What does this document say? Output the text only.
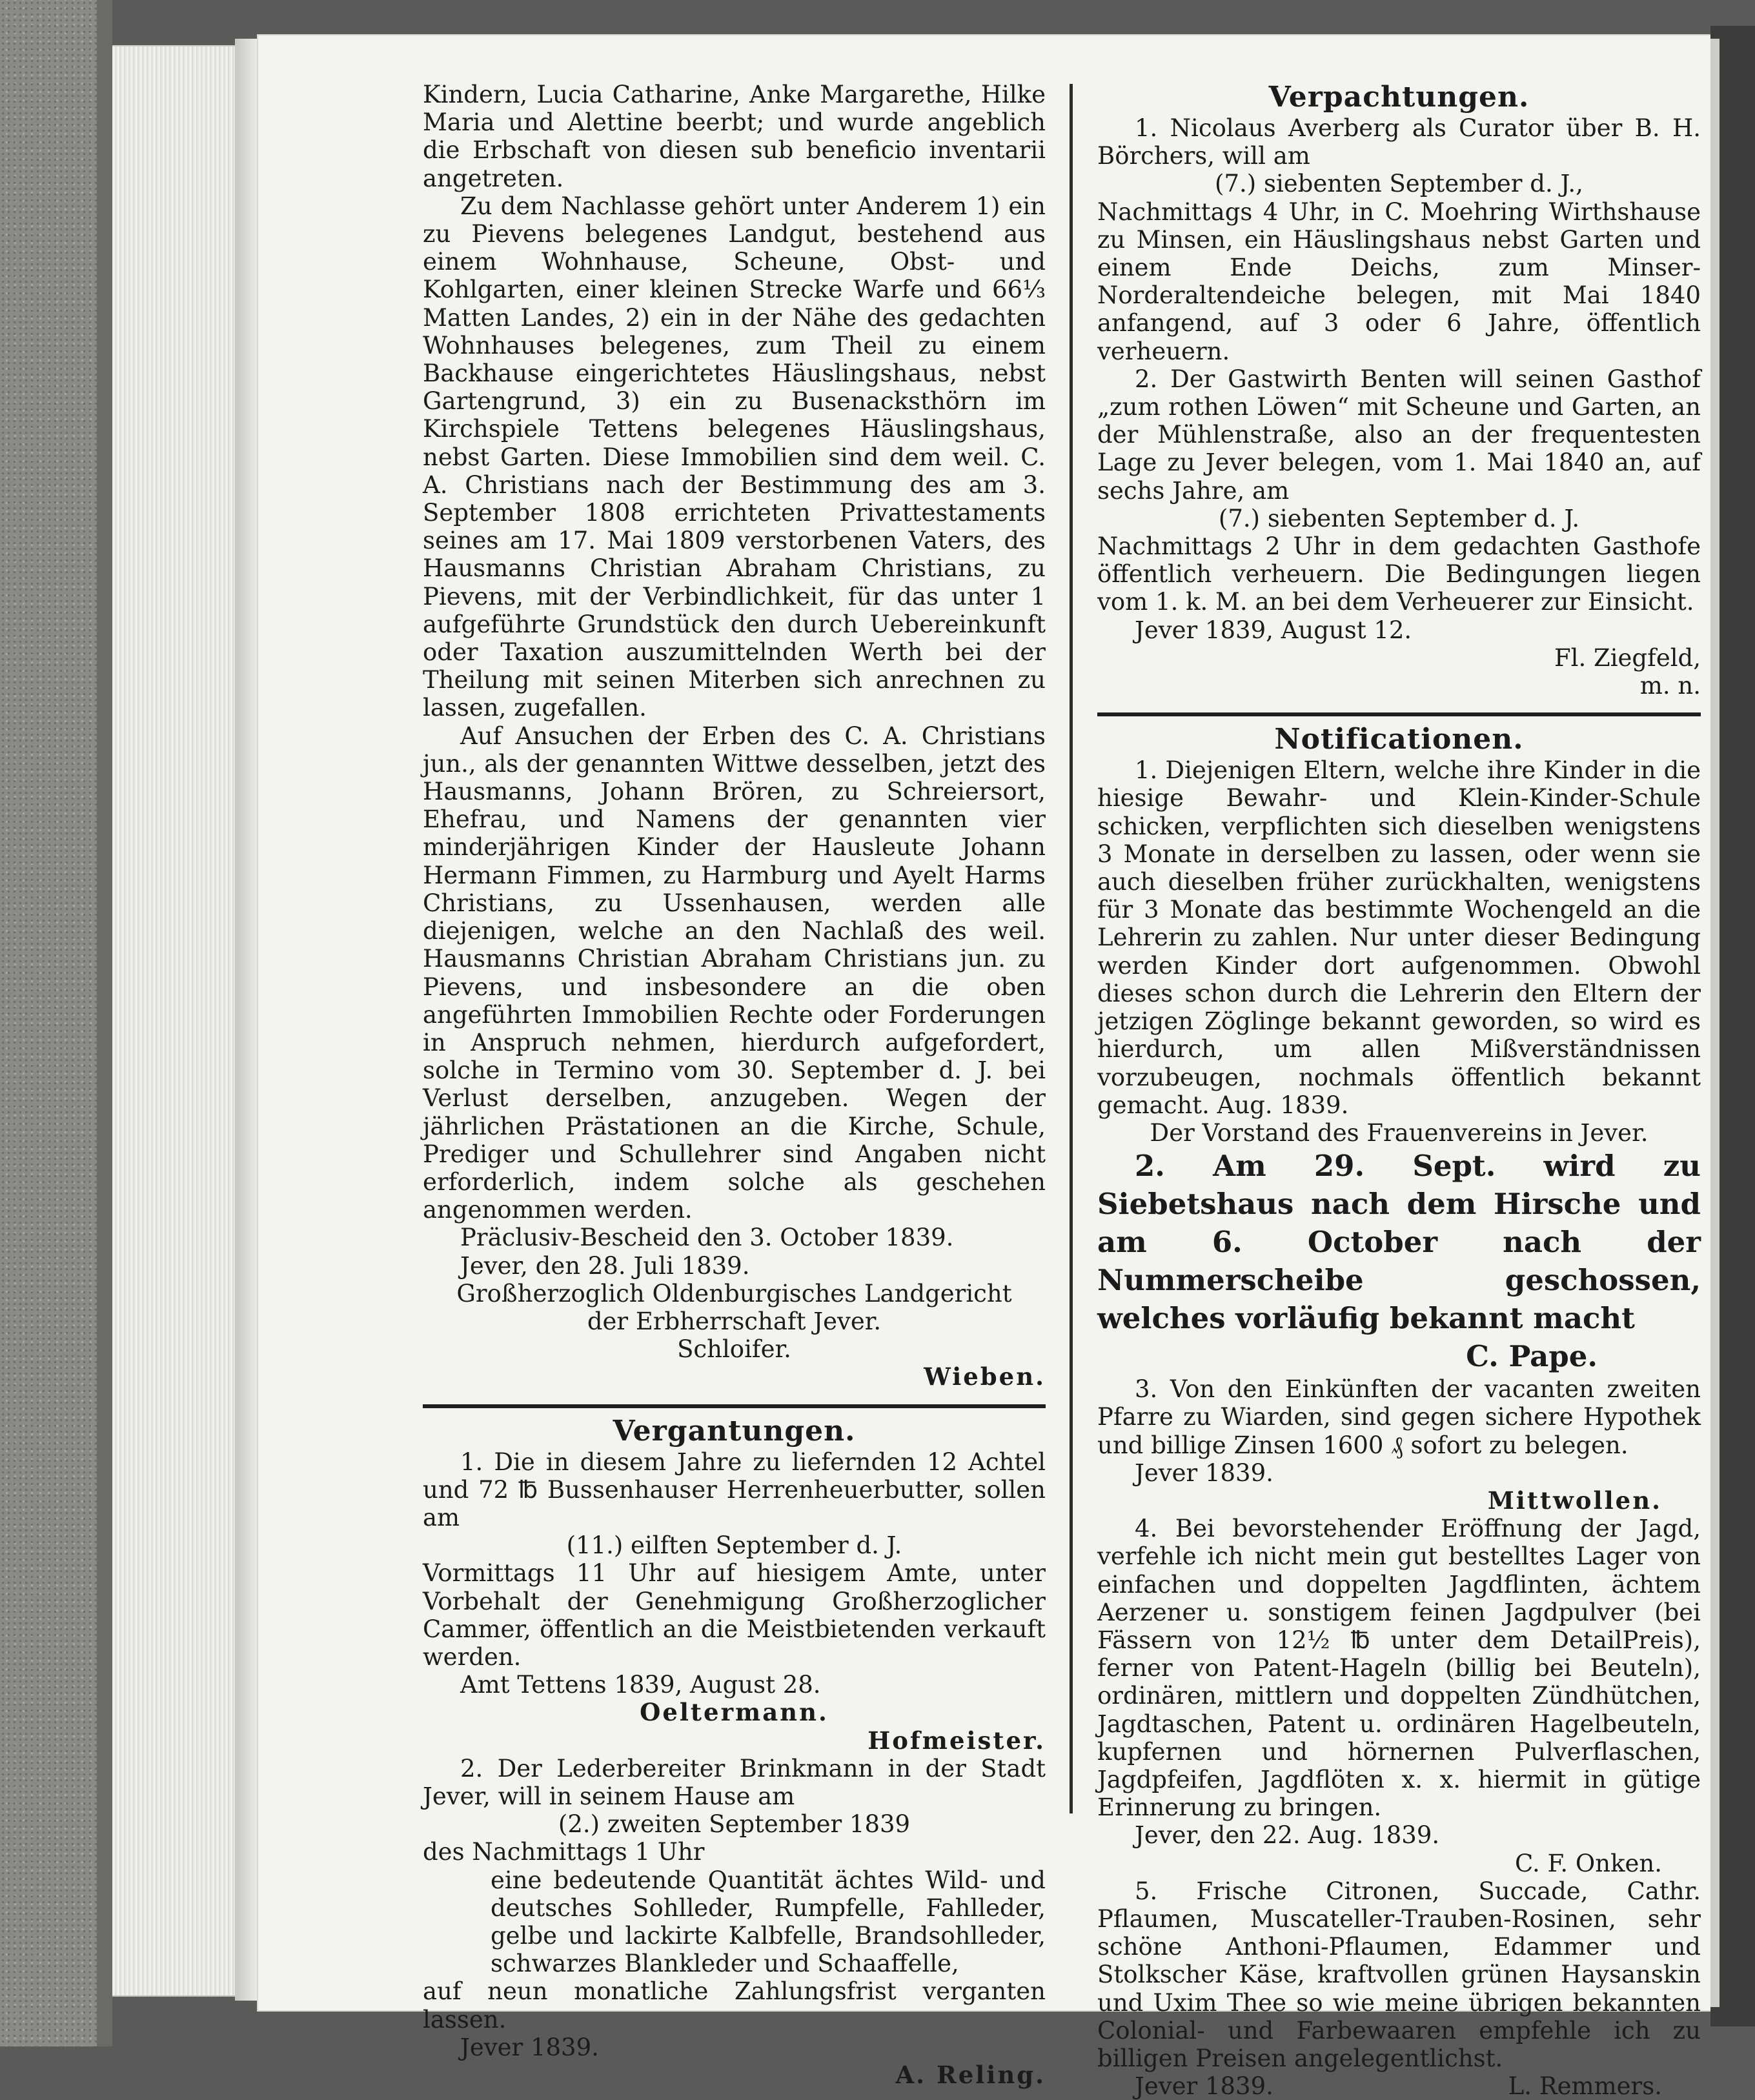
Kindern, Lucia Catharine, Anke Margarethe, Hilke Maria und Alettine beerbt; und wurde angeblich die Erbschaft von diesen sub beneficio inventarii angetreten.

Zu dem Nachlasse gehört unter Anderem 1) ein zu Pievens belegenes Landgut, bestehend aus einem Wohnhause, Scheune, Obst- und Kohlgarten, einer kleinen Strecke Warfe und 66⅓ Matten Landes, 2) ein in der Nähe des gedachten Wohnhauses belegenes, zum Theil zu einem Backhause eingerichtetes Häuslingshaus, nebst Gartengrund, 3) ein zu Busenacksthörn im Kirchspiele Tettens belegenes Häuslingshaus, nebst Garten. Diese Immobilien sind dem weil. C. A. Christians nach der Bestimmung des am 3. September 1808 errichteten Privattestaments seines am 17. Mai 1809 verstorbenen Vaters, des Hausmanns Christian Abraham Christians, zu Pievens, mit der Verbindlichkeit, für das unter 1 aufgeführte Grundstück den durch Uebereinkunft oder Taxation auszumittelnden Werth bei der Theilung mit seinen Miterben sich anrechnen zu lassen, zugefallen.

Auf Ansuchen der Erben des C. A. Christians jun., als der genannten Wittwe desselben, jetzt des Hausmanns, Johann Brören, zu Schreiersort, Ehefrau, und Namens der genannten vier minderjährigen Kinder der Hausleute Johann Hermann Fimmen, zu Harmburg und Ayelt Harms Christians, zu Ussenhausen, werden alle diejenigen, welche an den Nachlaß des weil. Hausmanns Christian Abraham Christians jun. zu Pievens, und insbesondere an die oben angeführten Immobilien Rechte oder Forderungen in Anspruch nehmen, hierdurch aufgefordert, solche in Termino vom 30. September d. J. bei Verlust derselben, anzugeben. Wegen der jährlichen Prästationen an die Kirche, Schule, Prediger und Schullehrer sind Angaben nicht erforderlich, indem solche als geschehen angenommen werden.

Präclusiv-Bescheid den 3. October 1839.

Jever, den 28. Juli 1839.

Großherzoglich Oldenburgisches Landgericht

der Erbherrschaft Jever.

Schloifer.

Wieben.

Vergantungen.

1. Die in diesem Jahre zu liefernden 12 Achtel und 72 ℔ Bussenhauser Herrenheuerbutter, sollen am

(11.) eilften September d. J.

Vormittags 11 Uhr auf hiesigem Amte, unter Vorbehalt der Genehmigung Großherzoglicher Cammer, öffentlich an die Meistbietenden verkauft werden.

Amt Tettens 1839, August 28.

Oeltermann.

Hofmeister.

2. Der Lederbereiter Brinkmann in der Stadt Jever, will in seinem Hause am

(2.) zweiten September 1839

des Nachmittags 1 Uhr

eine bedeutende Quantität ächtes Wild- und deutsches Sohlleder, Rumpfelle, Fahlleder, gelbe und lackirte Kalbfelle, Brandsohlleder, schwarzes Blankleder und Schaaffelle,

auf neun monatliche Zahlungsfrist verganten lassen.

Jever 1839.

A. Reling.

Verpachtungen.

1. Nicolaus Averberg als Curator über B. H. Börchers, will am

(7.) siebenten September d. J.,

Nachmittags 4 Uhr, in C. Moehring Wirthshause zu Minsen, ein Häuslingshaus nebst Garten und einem Ende Deichs, zum Minser-Norderaltendeiche belegen, mit Mai 1840 anfangend, auf 3 oder 6 Jahre, öffentlich verheuern.

2. Der Gastwirth Benten will seinen Gasthof „zum rothen Löwen“ mit Scheune und Garten, an der Mühlenstraße, also an der frequentesten Lage zu Jever belegen, vom 1. Mai 1840 an, auf sechs Jahre, am

(7.) siebenten September d. J.

Nachmittags 2 Uhr in dem gedachten Gasthofe öffentlich verheuern. Die Bedingungen liegen vom 1. k. M. an bei dem Verheuerer zur Einsicht.

Jever 1839, August 12.

Fl. Ziegfeld,

m. n.

Notificationen.

1. Diejenigen Eltern, welche ihre Kinder in die hiesige Bewahr- und Klein-Kinder-Schule schicken, verpflichten sich dieselben wenigstens 3 Monate in derselben zu lassen, oder wenn sie auch dieselben früher zurückhalten, wenigstens für 3 Monate das bestimmte Wochengeld an die Lehrerin zu zahlen. Nur unter dieser Bedingung werden Kinder dort aufgenommen. Obwohl dieses schon durch die Lehrerin den Eltern der jetzigen Zöglinge bekannt geworden, so wird es hierdurch, um allen Mißverständnissen vorzubeugen, nochmals öffentlich bekannt gemacht. Aug. 1839.

Der Vorstand des Frauenvereins in Jever.

2. Am 29. Sept. wird zu Siebetshaus nach dem Hirsche und am 6. October nach der Nummerscheibe geschossen, welches vorläufig bekannt macht

C. Pape.

3. Von den Einkünften der vacanten zweiten Pfarre zu Wiarden, sind gegen sichere Hypothek und billige Zinsen 1600 ₰ sofort zu belegen.

Jever 1839.

Mittwollen.

4. Bei bevorstehender Eröffnung der Jagd, verfehle ich nicht mein gut bestelltes Lager von einfachen und doppelten Jagdflinten, ächtem Aerzener u. sonstigem feinen Jagdpulver (bei Fässern von 12½ ℔ unter dem DetailPreis), ferner von Patent-Hageln (billig bei Beuteln), ordinären, mittlern und doppelten Zündhütchen, Jagdtaschen, Patent u. ordinären Hagelbeuteln, kupfernen und hörnernen Pulverflaschen, Jagdpfeifen, Jagdflöten x. x. hiermit in gütige Erinnerung zu bringen.

Jever, den 22. Aug. 1839.

C. F. Onken.

5. Frische Citronen, Succade, Cathr. Pflaumen, Muscateller-Trauben-Rosinen, sehr schöne Anthoni-Pflaumen, Edammer und Stolkscher Käse, kraftvollen grünen Haysanskin und Uxim Thee so wie meine übrigen bekannten Colonial- und Farbewaaren empfehle ich zu billigen Preisen angelegentlichst.

Jever 1839.	L. Remmers.
